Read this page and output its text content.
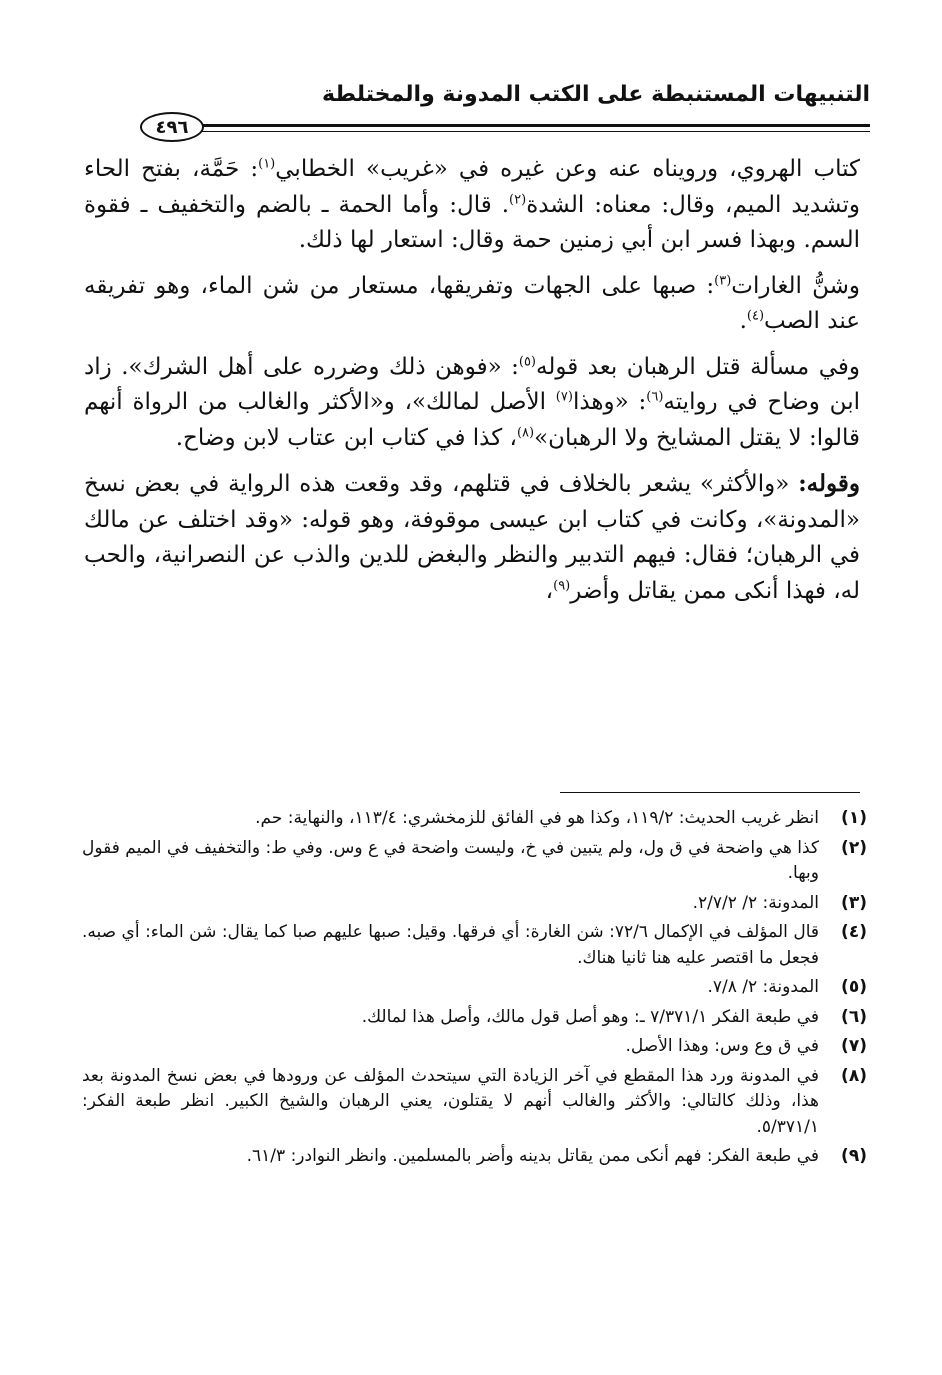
التنبيهات المستنبطة على الكتب المدونة والمختلطة
٤٩٦

كتاب الهروي، ورويناه عنه وعن غيره في «غريب» الخطابي$^{(١)}$: حَمَّة، بفتح الحاء وتشديد الميم، وقال: معناه: الشدة$^{(٢)}$. قال: وأما الحمة ـ بالضم والتخفيف ـ فقوة السم. وبهذا فسر ابن أبي زمنين حمة وقال: استعار لها ذلك.

وشنُّ الغارات$^{(٣)}$: صبها على الجهات وتفريقها، مستعار من شن الماء، وهو تفريقه عند الصب$^{(٤)}$.

وفي مسألة قتل الرهبان بعد قوله$^{(٥)}$: «فوهن ذلك وضرره على أهل الشرك». زاد ابن وضاح في روايته$^{(٦)}$: «وهذا$^{(٧)}$ الأصل لمالك»، و«الأكثر والغالب من الرواة أنهم قالوا: لا يقتل المشايخ ولا الرهبان»$^{(٨)}$، كذا في كتاب ابن عتاب لابن وضاح.

وقوله: «والأكثر» يشعر بالخلاف في قتلهم، وقد وقعت هذه الرواية في بعض نسخ «المدونة»، وكانت في كتاب ابن عيسى موقوفة، وهو قوله: «وقد اختلف عن مالك في الرهبان؛ فقال: فيهم التدبير والنظر والبغض للدين والذب عن النصرانية، والحب له، فهذا أنكى ممن يقاتل وأضر$^{(٩)}$،

(١)
انظر غريب الحديث: ١١٩/٢، وكذا هو في الفائق للزمخشري: ١١٣/٤، والنهاية: حم.
(٢)
كذا هي واضحة في ق ول، ولم يتبين في خ، وليست واضحة في ع وس. وفي ط: والتخفيف في الميم فقول وبها.
(٣)
المدونة: ٢/ ٢/٧/٢.
(٤)
قال المؤلف في الإكمال ٧٢/٦: شن الغارة: أي فرقها. وقيل: صبها عليهم صبا كما يقال: شن الماء: أي صبه. فجعل ما اقتصر عليه هنا ثانيا هناك.
(٥)
المدونة: ٢/ ٧/٨.
(٦)
في طبعة الفكر ٧/٣٧١/١ ـ: وهو أصل قول مالك، وأصل هذا لمالك.
(٧)
في ق وع وس: وهذا الأصل.
(٨)
في المدونة ورد هذا المقطع في آخر الزيادة التي سيتحدث المؤلف عن ورودها في بعض نسخ المدونة بعد هذا، وذلك كالتالي: والأكثر والغالب أنهم لا يقتلون، يعني الرهبان والشيخ الكبير. انظر طبعة الفكر: ٥/٣٧١/١.
(٩)
في طبعة الفكر: فهم أنكى ممن يقاتل بدينه وأضر بالمسلمين. وانظر النوادر: ٦١/٣.
